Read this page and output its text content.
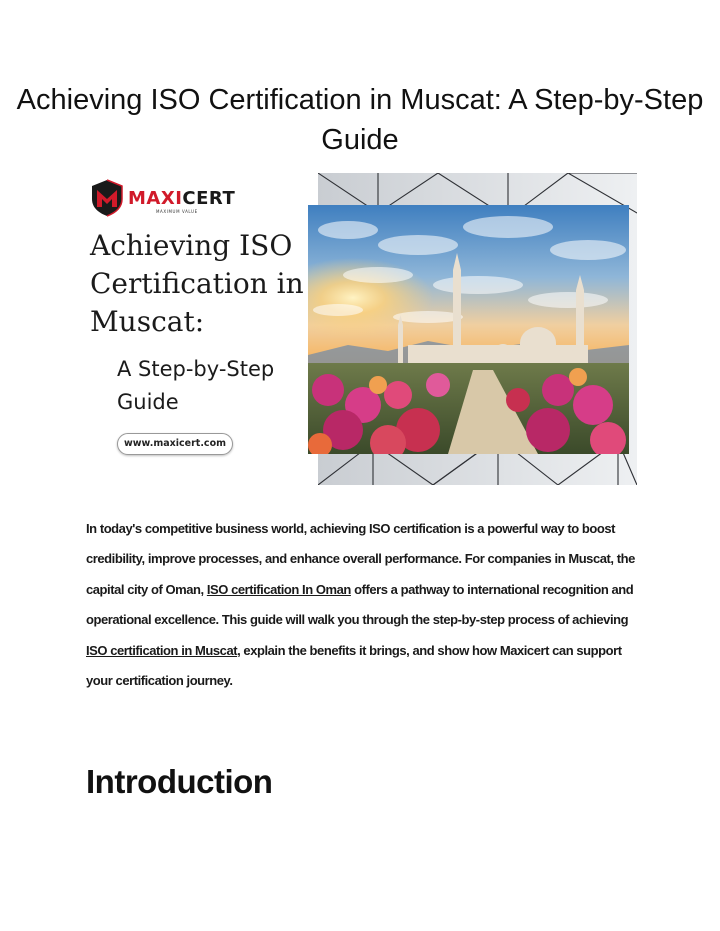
Achieving ISO Certification in Muscat: A Step-by-Step Guide
MAXICERT
MAXIMUM VALUE
Achieving ISO
Certification in
Muscat:
A Step-by-Step
Guide
www.maxicert.com

In today's competitive business world, achieving ISO certification is a powerful way to boost credibility, improve processes, and enhance overall performance. For companies in Muscat, the capital city of Oman, ISO certification In Oman offers a pathway to international recognition and operational excellence. This guide will walk you through the step-by-step process of achieving ISO certification in Muscat, explain the benefits it brings, and show how Maxicert can support your certification journey.

Introduction
